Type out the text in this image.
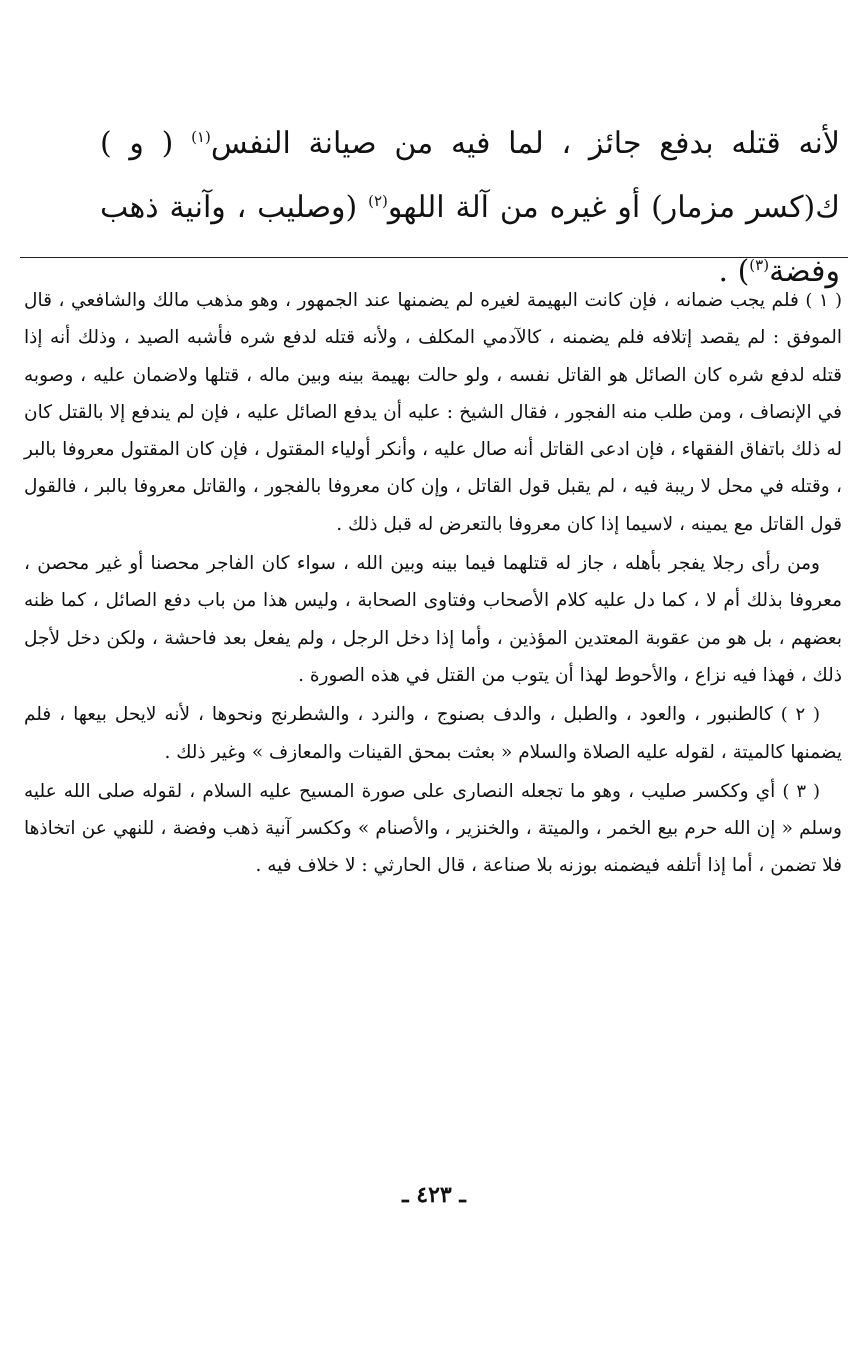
لأنه قتله بدفع جائز ، لما فيه من صيانة النفس$^{(١)}$ ( و ) ك(كسر مزمار) أو غيره من آلة اللهو$^{(٢)}$ (وصليب ، وآنية ذهب وفضة$^{(٣)}$) .

( ١ ) فلم يجب ضمانه ، فإن كانت البهيمة لغيره لم يضمنها عند الجمهور ، وهو مذهب مالك والشافعي ، قال الموفق : لم يقصد إتلافه فلم يضمنه ، كالآدمي المكلف ، ولأنه قتله لدفع شره فأشبه الصيد ، وذلك أنه إذا قتله لدفع شره كان الصائل هو القاتل نفسه ، ولو حالت بهيمة بينه وبين ماله ، قتلها ولاضمان عليه ، وصوبه في الإنصاف ، ومن طلب منه الفجور ، فقال الشيخ : عليه أن يدفع الصائل عليه ، فإن لم يندفع إلا بالقتل كان له ذلك باتفاق الفقهاء ، فإن ادعى القاتل أنه صال عليه ، وأنكر أولياء المقتول ، فإن كان المقتول معروفا بالبر ، وقتله في محل لا ريبة فيه ، لم يقبل قول القاتل ، وإن كان معروفا بالفجور ، والقاتل معروفا بالبر ، فالقول قول القاتل مع يمينه ، لاسيما إذا كان معروفا بالتعرض له قبل ذلك .

ومن رأى رجلا يفجر بأهله ، جاز له قتلهما فيما بينه وبين الله ، سواء كان الفاجر محصنا أو غير محصن ، معروفا بذلك أم لا ، كما دل عليه كلام الأصحاب وفتاوى الصحابة ، وليس هذا من باب دفع الصائل ، كما ظنه بعضهم ، بل هو من عقوبة المعتدين المؤذين ، وأما إذا دخل الرجل ، ولم يفعل بعد فاحشة ، ولكن دخل لأجل ذلك ، فهذا فيه نزاع ، والأحوط لهذا أن يتوب من القتل في هذه الصورة .

( ٢ ) كالطنبور ، والعود ، والطبل ، والدف بصنوج ، والنرد ، والشطرنج ونحوها ، لأنه لايحل بيعها ، فلم يضمنها كالميتة ، لقوله عليه الصلاة والسلام « بعثت بمحق القينات والمعازف » وغير ذلك .

( ٣ ) أي وككسر صليب ، وهو ما تجعله النصارى على صورة المسيح عليه السلام ، لقوله صلى الله عليه وسلم « إن الله حرم بيع الخمر ، والميتة ، والخنزير ، والأصنام » وككسر آنية ذهب وفضة ، للنهي عن اتخاذها فلا تضمن ، أما إذا أتلفه فيضمنه بوزنه بلا صناعة ، قال الحارثي : لا خلاف فيه .

ـ ٤٢٣ ـ
